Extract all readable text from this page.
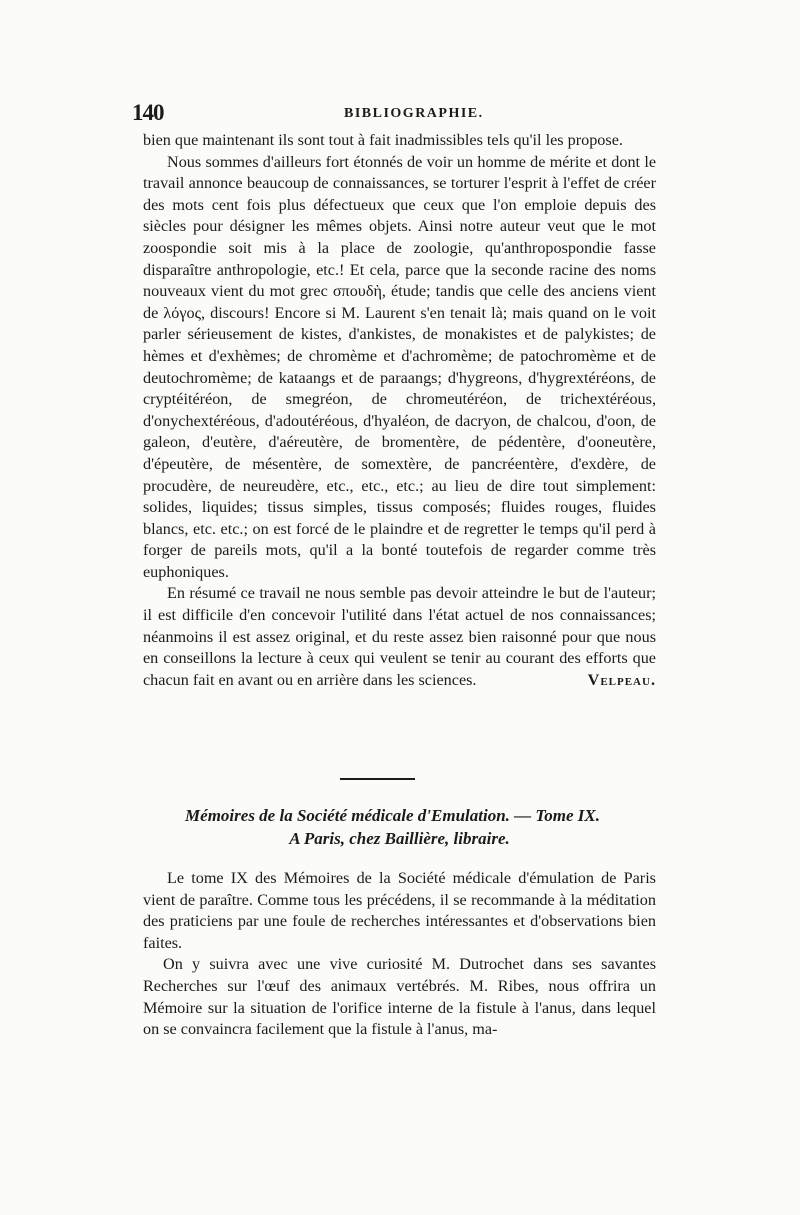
140	BIBLIOGRAPHIE.

bien que maintenant ils sont tout à fait inadmissibles tels qu'il les propose.

Nous sommes d'ailleurs fort étonnés de voir un homme de mérite et dont le travail annonce beaucoup de connaissances, se torturer l'esprit à l'effet de créer des mots cent fois plus défectueux que ceux que l'on emploie depuis des siècles pour désigner les mêmes objets. Ainsi notre auteur veut que le mot zoospondie soit mis à la place de zoologie, qu'anthropospondie fasse disparaître anthropologie, etc.! Et cela, parce que la seconde racine des noms nouveaux vient du mot grec σπουδὴ, étude; tandis que celle des anciens vient de λόγος, discours! Encore si M. Laurent s'en tenait là; mais quand on le voit parler sérieusement de kistes, d'ankistes, de monakistes et de palykistes; de hèmes et d'exhèmes; de chromème et d'achromème; de patochromème et de deutochromème; de kataangs et de paraangs; d'hygreons, d'hygrextéréons, de cryptéitéréon, de smegréon, de chromeutéréon, de trichextéréous, d'onychextéréous, d'adoutéréous, d'hyaléon, de dacryon, de chalcou, d'oon, de galeon, d'eutère, d'aéreutère, de bromentère, de pédentère, d'ooneutère, d'épeutère, de mésentère, de somextère, de pancréentère, d'exdère, de procudère, de neureudère, etc., etc., etc.; au lieu de dire tout simplement: solides, liquides; tissus simples, tissus composés; fluides rouges, fluides blancs, etc. etc.; on est forcé de le plaindre et de regretter le temps qu'il perd à forger de pareils mots, qu'il a la bonté toutefois de regarder comme très euphoniques.

En résumé ce travail ne nous semble pas devoir atteindre le but de l'auteur; il est difficile d'en concevoir l'utilité dans l'état actuel de nos connaissances; néanmoins il est assez original, et du reste assez bien raisonné pour que nous en conseillons la lecture à ceux qui veulent se tenir au courant des efforts que chacun fait en avant ou en arrière dans les sciences.	Velpeau.

Mémoires de la Société médicale d'Emulation. — Tome IX.
A Paris, chez Baillière, libraire.

Le tome IX des Mémoires de la Société médicale d'émulation de Paris vient de paraître. Comme tous les précédens, il se recommande à la méditation des praticiens par une foule de recherches intéressantes et d'observations bien faites.

On y suivra avec une vive curiosité M. Dutrochet dans ses savantes Recherches sur l'œuf des animaux vertébrés. M. Ribes, nous offrira un Mémoire sur la situation de l'orifice interne de la fistule à l'anus, dans lequel on se convaincra facilement que la fistule à l'anus, ma-
